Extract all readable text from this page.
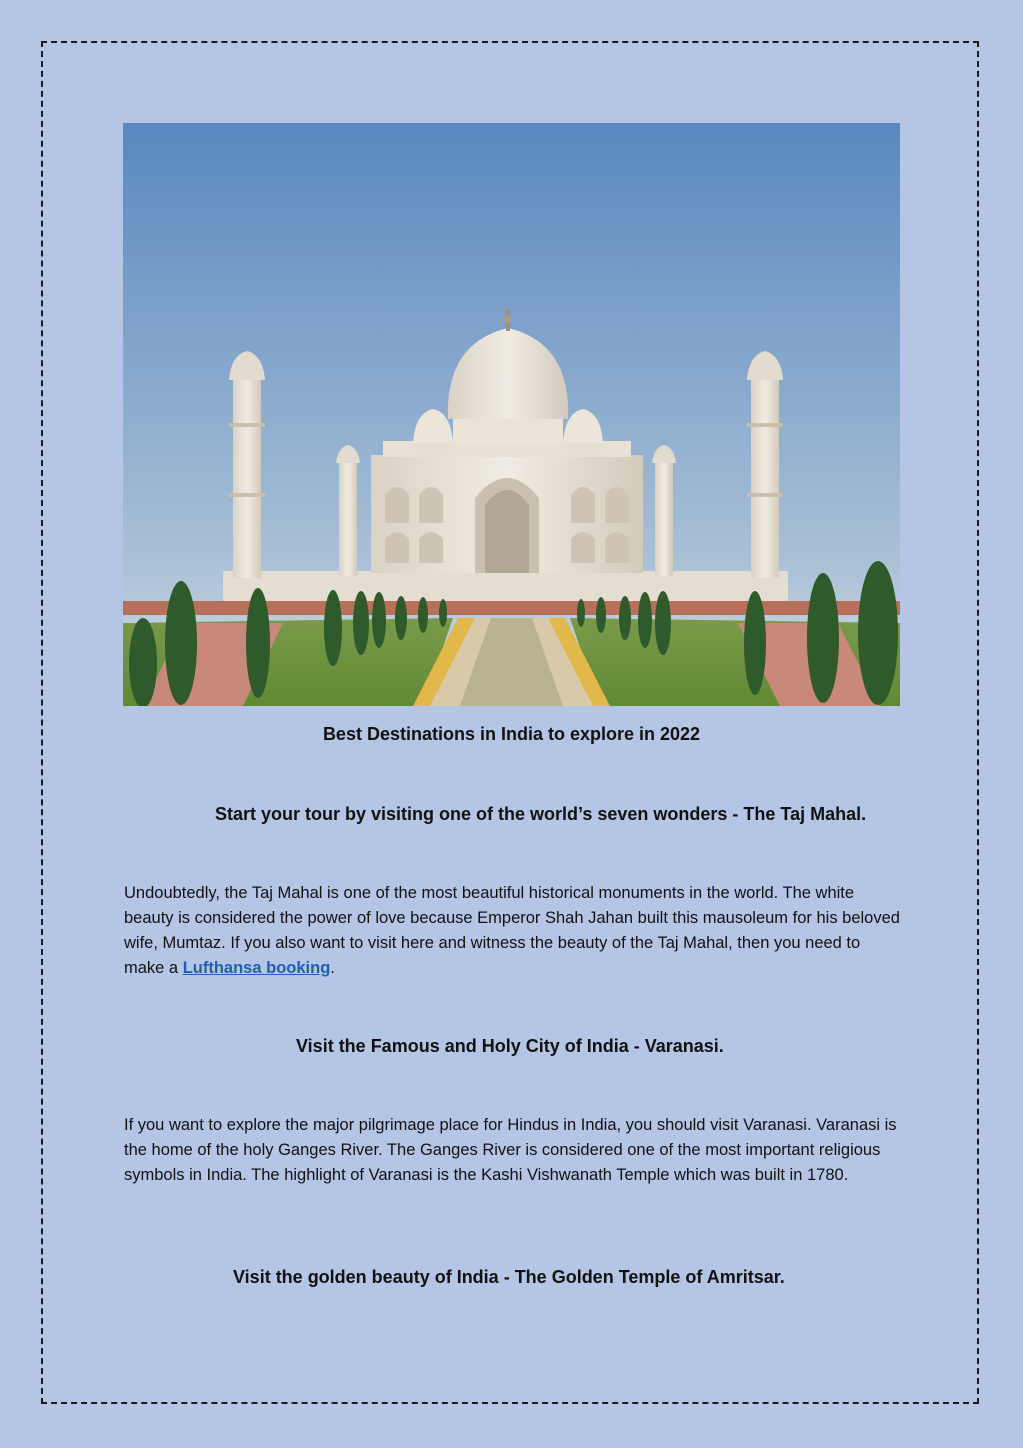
Best Destinations in India to explore in 2022
Start your tour by visiting one of the world’s seven wonders - The Taj Mahal.

Undoubtedly, the Taj Mahal is one of the most beautiful historical monuments in the world. The white beauty is considered the power of love because Emperor Shah Jahan built this mausoleum for his beloved wife, Mumtaz. If you also want to visit here and witness the beauty of the Taj Mahal, then you need to make a Lufthansa booking.

Visit the Famous and Holy City of India - Varanasi.

If you want to explore the major pilgrimage place for Hindus in India, you should visit Varanasi. Varanasi is the home of the holy Ganges River. The Ganges River is considered one of the most important religious symbols in India. The highlight of Varanasi is the Kashi Vishwanath Temple which was built in 1780.

Visit the golden beauty of India - The Golden Temple of Amritsar.
